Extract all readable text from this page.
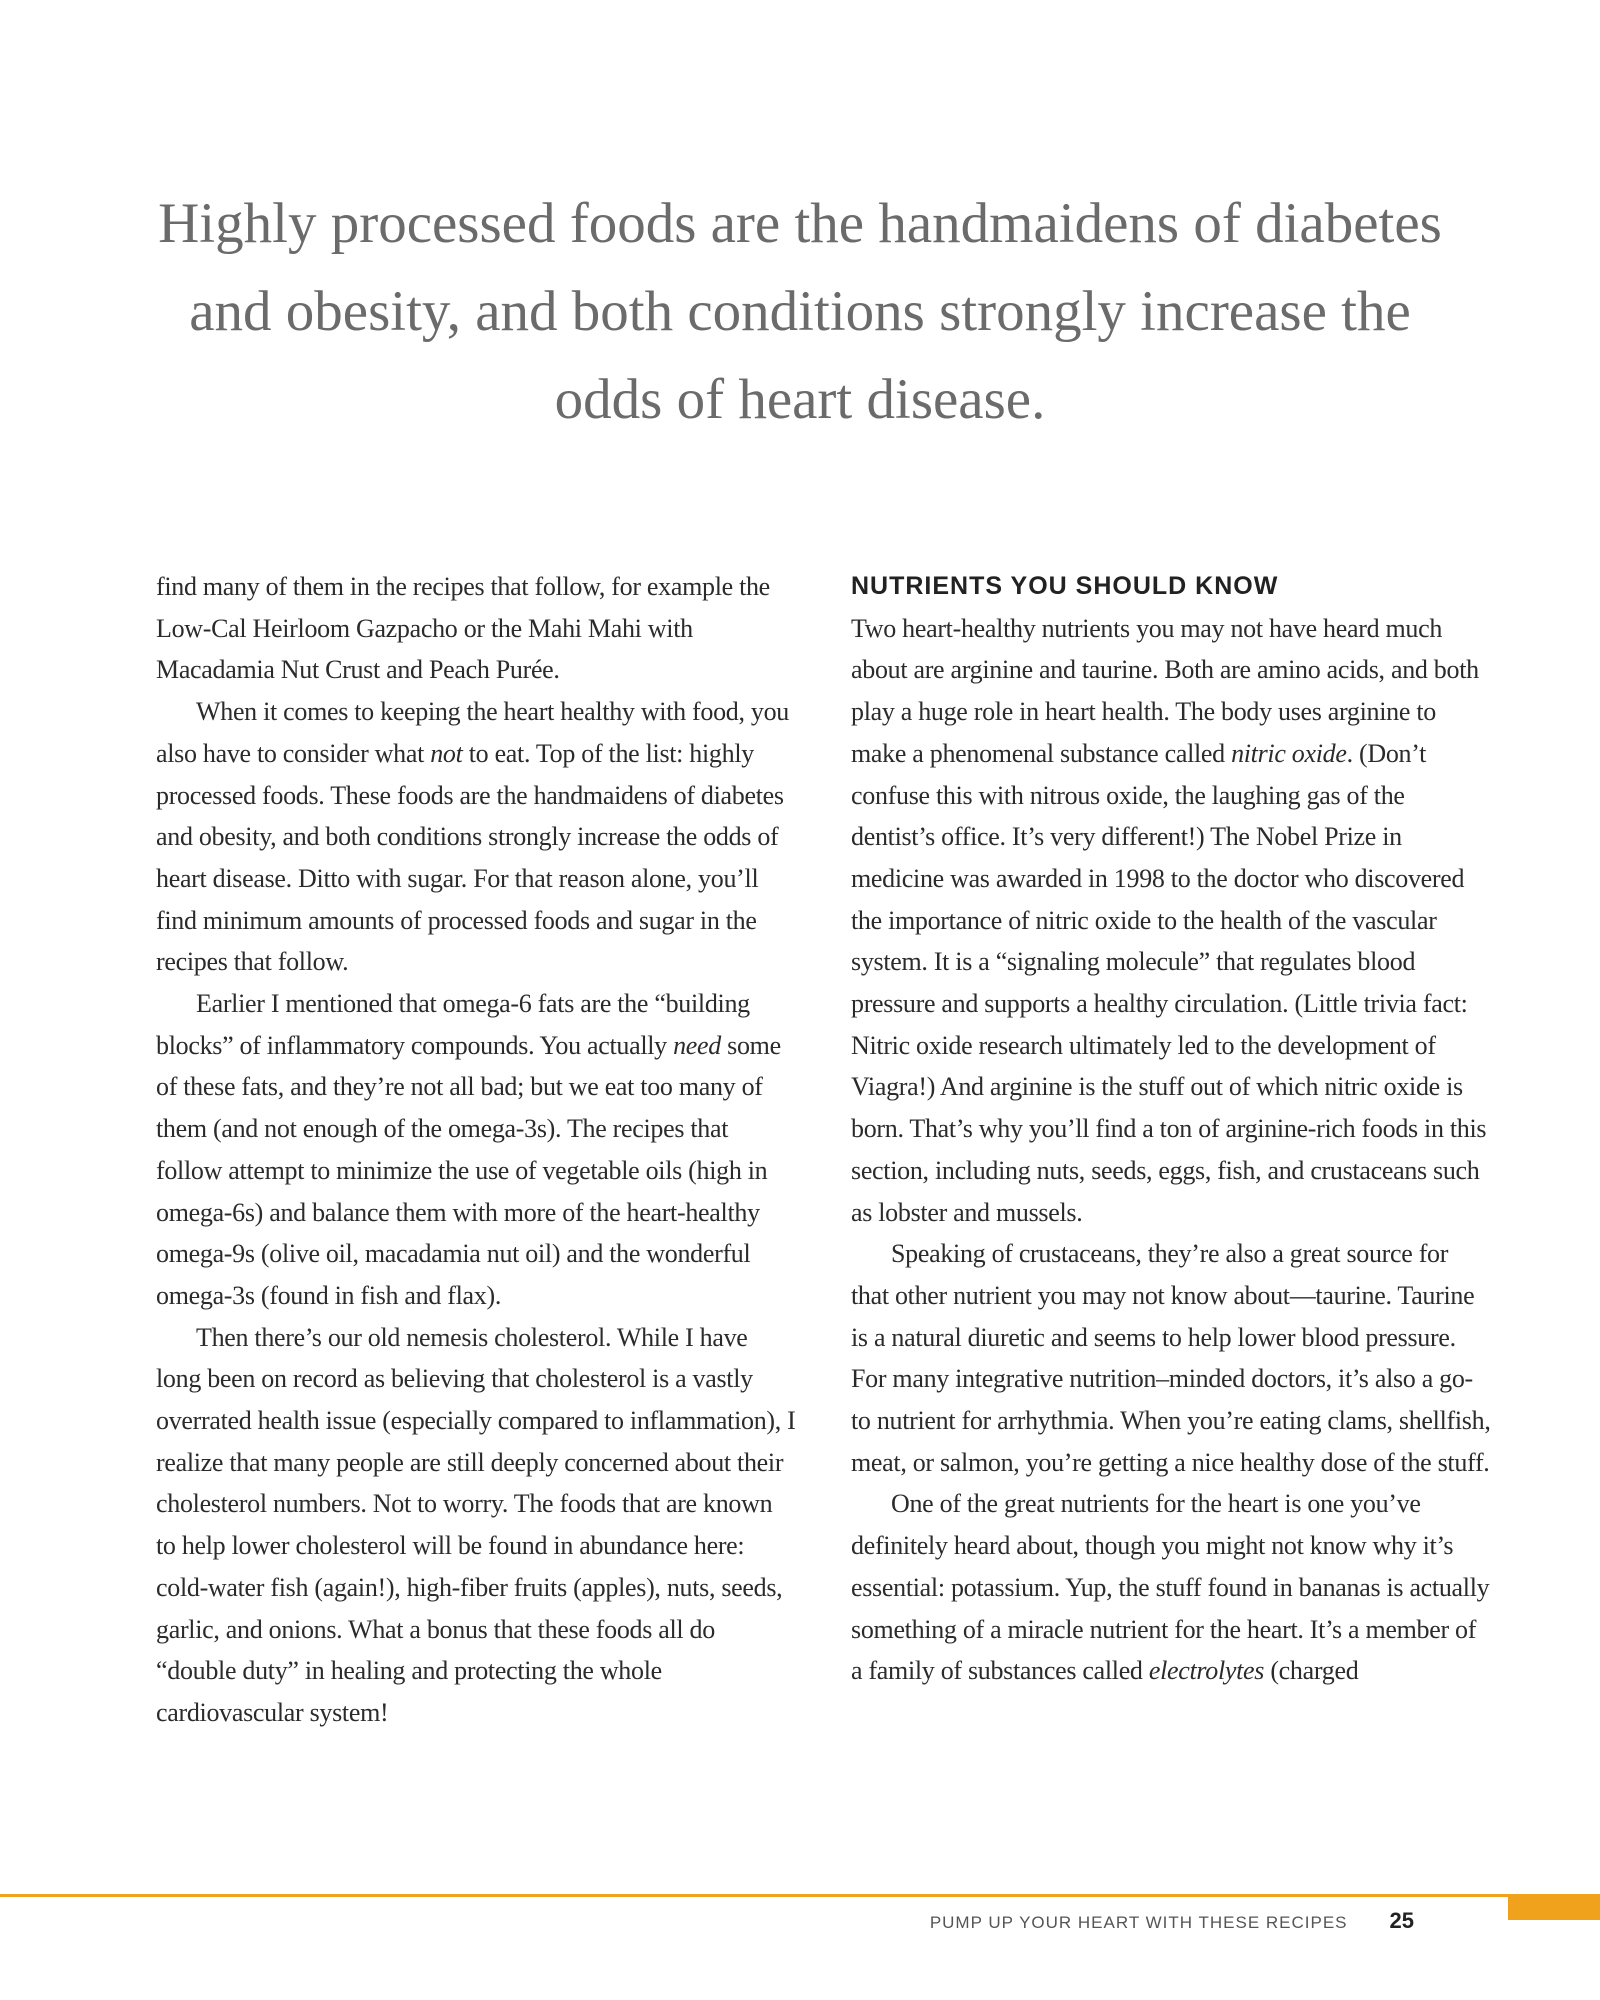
Highly processed foods are the handmaidens of diabetes and obesity, and both conditions strongly increase the odds of heart disease.

find many of them in the recipes that follow, for example the Low-Cal Heirloom Gazpacho or the Mahi Mahi with Macadamia Nut Crust and Peach Purée.

When it comes to keeping the heart healthy with food, you also have to consider what not to eat. Top of the list: highly processed foods. These foods are the handmaidens of diabetes and obesity, and both conditions strongly increase the odds of heart disease. Ditto with sugar. For that reason alone, you’ll find minimum amounts of processed foods and sugar in the recipes that follow.

Earlier I mentioned that omega-6 fats are the “building blocks” of inflammatory compounds. You actually need some of these fats, and they’re not all bad; but we eat too many of them (and not enough of the omega-3s). The recipes that follow attempt to minimize the use of vegetable oils (high in omega-6s) and balance them with more of the heart-healthy omega-9s (olive oil, macadamia nut oil) and the wonderful omega-3s (found in fish and flax).

Then there’s our old nemesis cholesterol. While I have long been on record as believing that cholesterol is a vastly overrated health issue (especially compared to inflammation), I realize that many people are still deeply concerned about their cholesterol numbers. Not to worry. The foods that are known to help lower cholesterol will be found in abundance here: cold-water fish (again!), high-fiber fruits (apples), nuts, seeds, garlic, and onions. What a bonus that these foods all do “double duty” in healing and protecting the whole cardiovascular system!

NUTRIENTS YOU SHOULD KNOW

Two heart-healthy nutrients you may not have heard much about are arginine and taurine. Both are amino acids, and both play a huge role in heart health. The body uses arginine to make a phenomenal substance called nitric oxide. (Don’t confuse this with nitrous oxide, the laughing gas of the dentist’s office. It’s very different!) The Nobel Prize in medicine was awarded in 1998 to the doctor who discovered the importance of nitric oxide to the health of the vascular system. It is a “signaling molecule” that regulates blood pressure and supports a healthy circulation. (Little trivia fact: Nitric oxide research ultimately led to the development of Viagra!) And arginine is the stuff out of which nitric oxide is born. That’s why you’ll find a ton of arginine-rich foods in this section, including nuts, seeds, eggs, fish, and crustaceans such as lobster and mussels.

Speaking of crustaceans, they’re also a great source for that other nutrient you may not know about—taurine. Taurine is a natural diuretic and seems to help lower blood pressure. For many integrative nutrition–minded doctors, it’s also a go-to nutrient for arrhythmia. When you’re eating clams, shellfish, meat, or salmon, you’re getting a nice healthy dose of the stuff.

One of the great nutrients for the heart is one you’ve definitely heard about, though you might not know why it’s essential: potassium. Yup, the stuff found in bananas is actually something of a miracle nutrient for the heart. It’s a member of a family of substances called electrolytes (charged

PUMP UP YOUR HEART WITH THESE RECIPES 25
